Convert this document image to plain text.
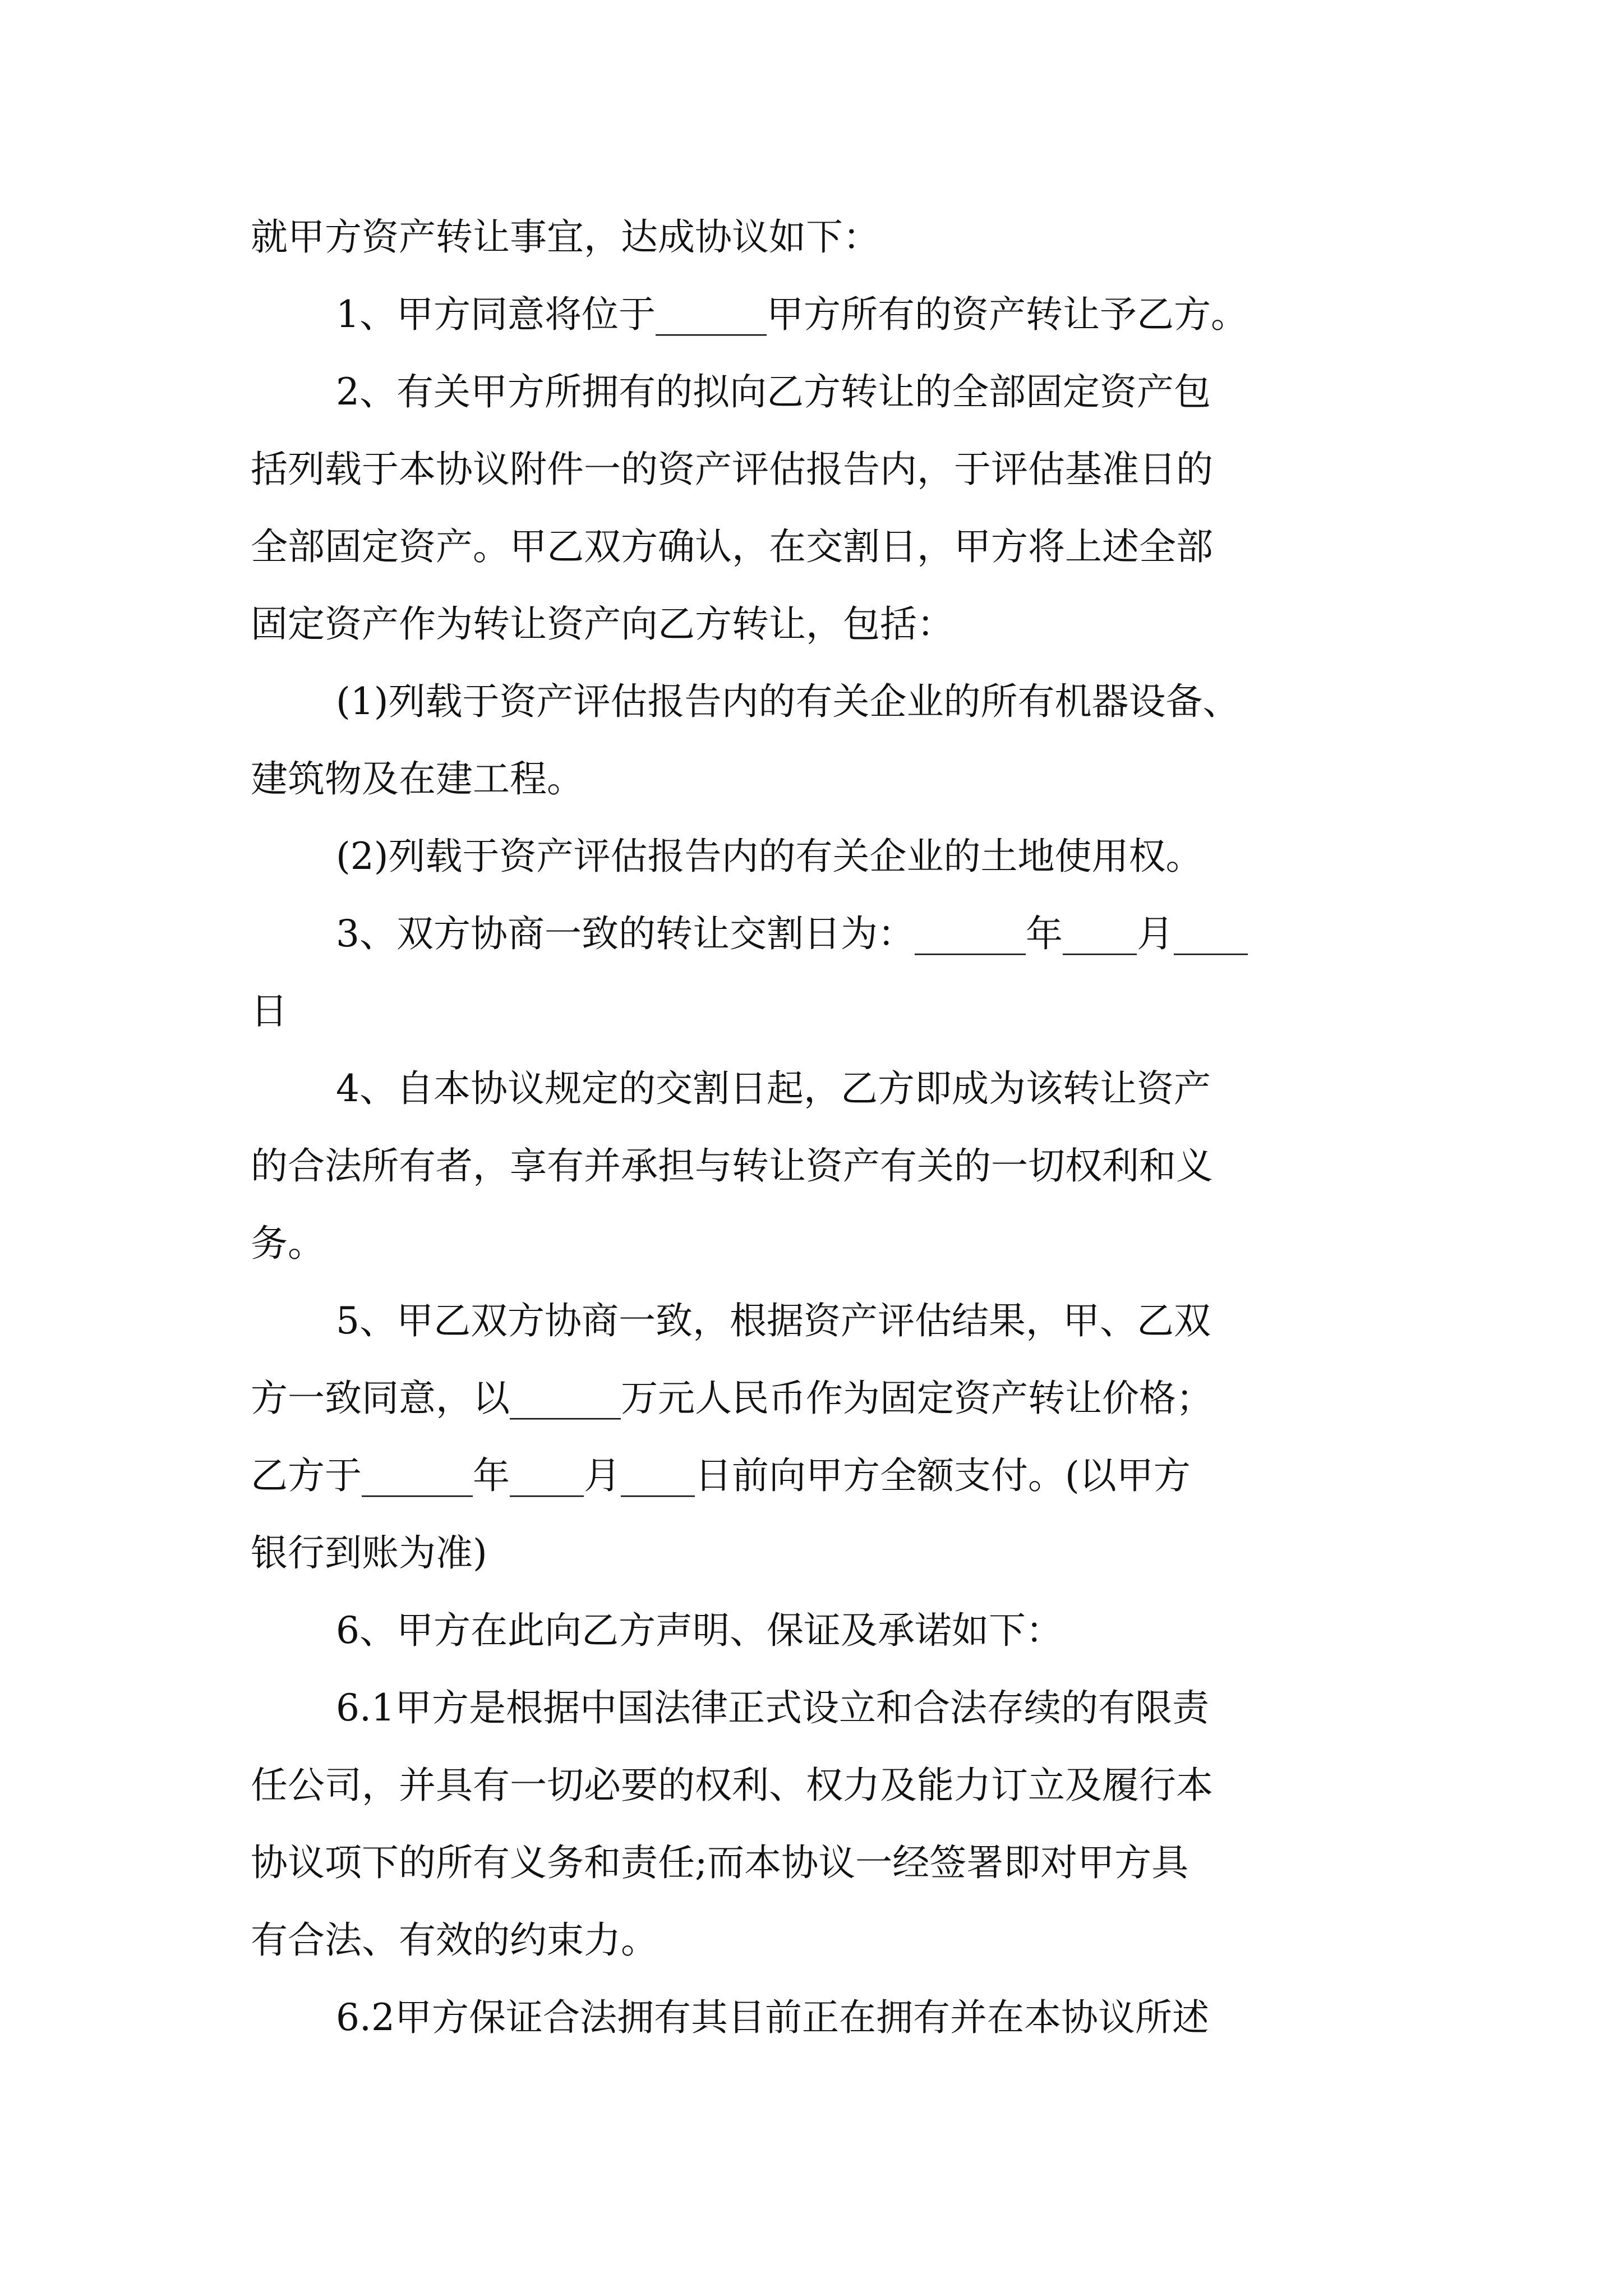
就甲方资产转让事宜，达成协议如下：
1、甲方同意将位于______甲方所有的资产转让予乙方。
2、有关甲方所拥有的拟向乙方转让的全部固定资产包
括列载于本协议附件一的资产评估报告内，于评估基准日的
全部固定资产。甲乙双方确认，在交割日，甲方将上述全部
固定资产作为转让资产向乙方转让，包括：
(1)列载于资产评估报告内的有关企业的所有机器设备、
建筑物及在建工程。
(2)列载于资产评估报告内的有关企业的土地使用权。
3、双方协商一致的转让交割日为：______年____月____
日
4、自本协议规定的交割日起，乙方即成为该转让资产
的合法所有者，享有并承担与转让资产有关的一切权利和义
务。
5、甲乙双方协商一致，根据资产评估结果，甲、乙双
方一致同意，以______万元人民币作为固定资产转让价格；
乙方于______年____月____日前向甲方全额支付。(以甲方
银行到账为准)
6、甲方在此向乙方声明、保证及承诺如下：
6.1甲方是根据中国法律正式设立和合法存续的有限责
任公司，并具有一切必要的权利、权力及能力订立及履行本
协议项下的所有义务和责任;而本协议一经签署即对甲方具
有合法、有效的约束力。
6.2甲方保证合法拥有其目前正在拥有并在本协议所述
